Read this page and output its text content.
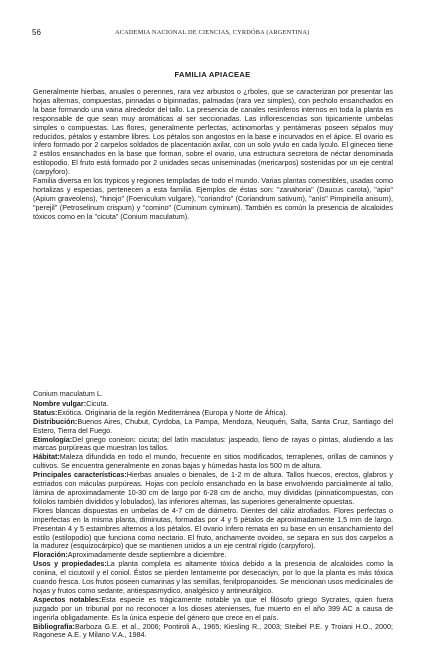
56	ACADEMIA NACIONAL DE CIENCIAS, CYRDÓBA (ARGENTINA)
FAMILIA APIACEAE

Generalmente hierbas, anuales o perennes, rara vez arbustos o ¿rboles, que se caracterizan por presentar las hojas alternas, compuestas, pinnadas o bipinnadas, palmadas (rara vez simples), con pecholo ensanchados en la base formando una vaina alrededor del tallo. La presencia de canales resinferos internos en toda la planta es responsable de que sean muy aromáticas al ser seccionadas. Las inflorescencias son tipicamente umbelas simples o compuestas. Las flores, generalmente perfectas, actinomorfas y pentámeras poseen sépalos muy reducidos, pétalos y estambre libres. Los pétalos son angostos en la base e incurvados en el ápice. El ovario es ínfero formado por 2 carpelos soldados de placentación axilar, con un solo yvulo en cada lyculo. El gineceo tiene 2 estilos ensanchados en la base que forman, sobre el ovario, una estructura secretora de néctar denominada estilopodio. El fruto está formado por 2 unidades secas uniseminadas (mericarpos) sostenidas por un eje central (carpyforo).

Familia diversa en los trypicos y regiones templadas de todo el mundo. Varias plantas comestibles, usadas como hortalizas y especias, pertenecen a esta familia. Ejemplos de éstas son: "zanahoria" (Daucus carota), "apio" (Apium graveolens), "hinojo" (Foeniculum vulgare), "coriandro" (Coriandrum sativum), "anís" Pimpinella anisum), "perejil" (Petroselinum crispum) y "comino" (Cuminum cyminum). También es común la presencia de alcaloides tóxicos como en la "cicuta" (Conium maculatum).

Conium maculatum L.

Nombre vulgar:Cicuta.

Status:Exótica. Originaria de la región Mediterránea (Europa y Norte de África).

Distribución:Buenos Aires, Chubut, Cyrdoba, La Pampa, Mendoza, Neuquén, Salta, Santa Cruz, Santiago del Estero, Tierra del Fuego.

Etimología:Del griego coneion: cicuta; del latín maculatus: jaspeado, lleno de rayas o pintas, aludiendo a las marcas purpúreas que muestran los tallos.

Hábitat:Maleza difundida en todo el mundo, frecuente en sitios modificados, terraplenes, orillas de caminos y cultivos. Se encuentra generalmente en zonas bajas y húmedas hasta los 500 m de altura.

Principales características:Hierbas anuales o bienales, de 1-2 m de altura. Tallos huecos, erectos, glabros y estriados con máculas purpúreas. Hojas con pecíolo ensanchado en la base envolviendo parcialmente al tallo, lámina de aproximadamente 10-30 cm de largo por 6-28 cm de ancho, muy divididas (pinnaticompuestas, con folíolos también divididos y lobulados), las inferiores alternas, las superiores generalmente opuestas.

Flores blancas dispuestas en umbelas de 4-7 cm de diámetro. Dientes del cáliz atrofiados. Flores perfectas o imperfectas en la misma planta, diminutas, formadas por 4 y 5 pétalos de aproximadamente 1,5 mm de largo. Presentan 4 y 5 estambres alternos a los pétalos. El ovario ínfero remata en su base en un ensanchamiento del estilo (estilopodio) que funciona como nectario. El fruto, anchamente ovoideo, se separa en sus dos carpelos a la madurez (esquizocárpico) que se mantienen unidos a un eje central rígido (carpyforo).

Floración:Aproximadamente desde septiembre a diciembre.

Usos y propiedades:La planta completa es altamente tóxica debido a la presencia de alcaloides como la coniina, el cicutoxil y el coniol. Éstos se pierden lentamente por desecaciyn, por lo que la planta es más tóxica cuando fresca. Los frutos poseen cumarinas y las semillas, fenilpropanoides. Se mencionan usos medicinales de hojas y frutos como sedante, antiespasmydico, analgésico y antineurálgico.

Aspectos notables:Esta especie es trágicamente notable ya que el filósofo griego Sycrates, quien fuera juzgado por un tribunal por no reconocer a los dioses atenienses, fue muerto en el año 399 AC a causa de ingerirla obligadamente. Es la única especie del género que crece en el país.

Bibliografía:Barboza G.E. et al., 2006; Pontiroli A., 1965; Kiesling R., 2003; Steibel P.E. y Troiani H.O., 2000; Ragonese A.E. y Milano V.A., 1984.
